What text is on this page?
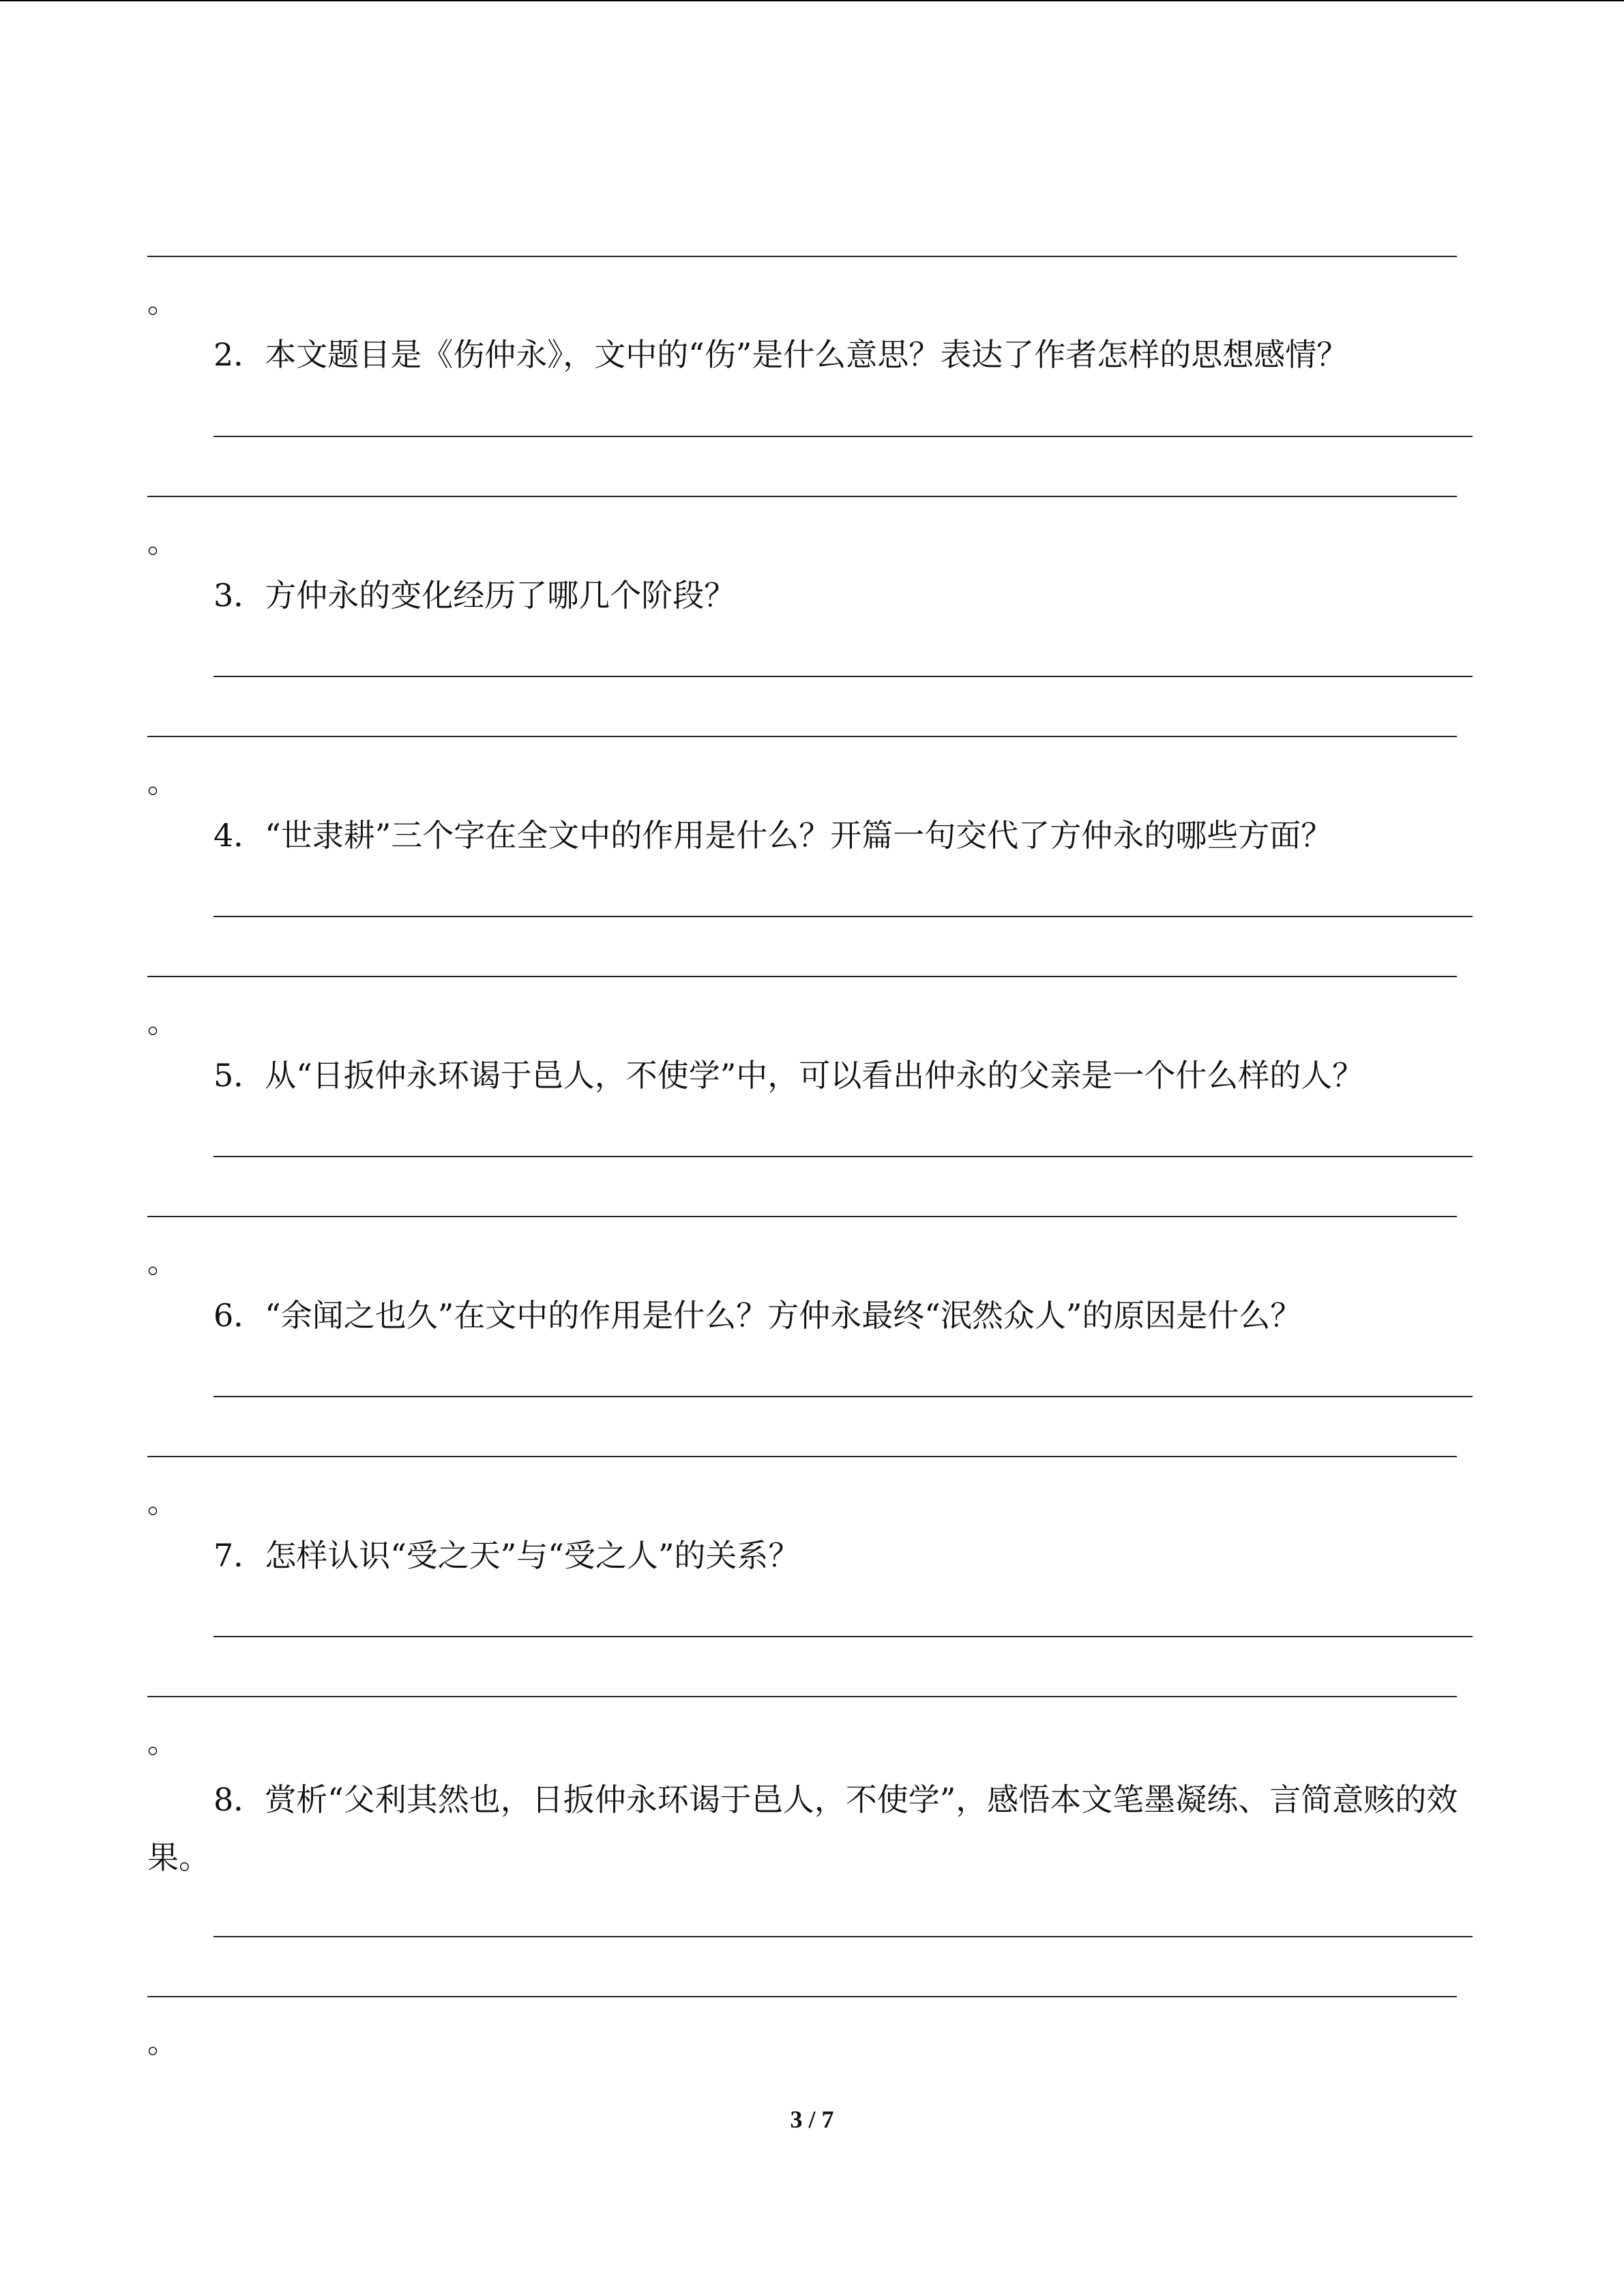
。
2．本文题目是《伤仲永》，文中的“伤”是什么意思？表达了作者怎样的思想感情？
。
3．方仲永的变化经历了哪几个阶段？
。
4．“世隶耕”三个字在全文中的作用是什么？开篇一句交代了方仲永的哪些方面？
。
5．从“日扳仲永环谒于邑人，不使学”中，可以看出仲永的父亲是一个什么样的人？
。
6．“余闻之也久”在文中的作用是什么？方仲永最终“泯然众人”的原因是什么？
。
7．怎样认识“受之天”与“受之人”的关系？
。
8．赏析“父利其然也，日扳仲永环谒于邑人，不使学”，感悟本文笔墨凝练、言简意赅的效果。
。
3 / 7
